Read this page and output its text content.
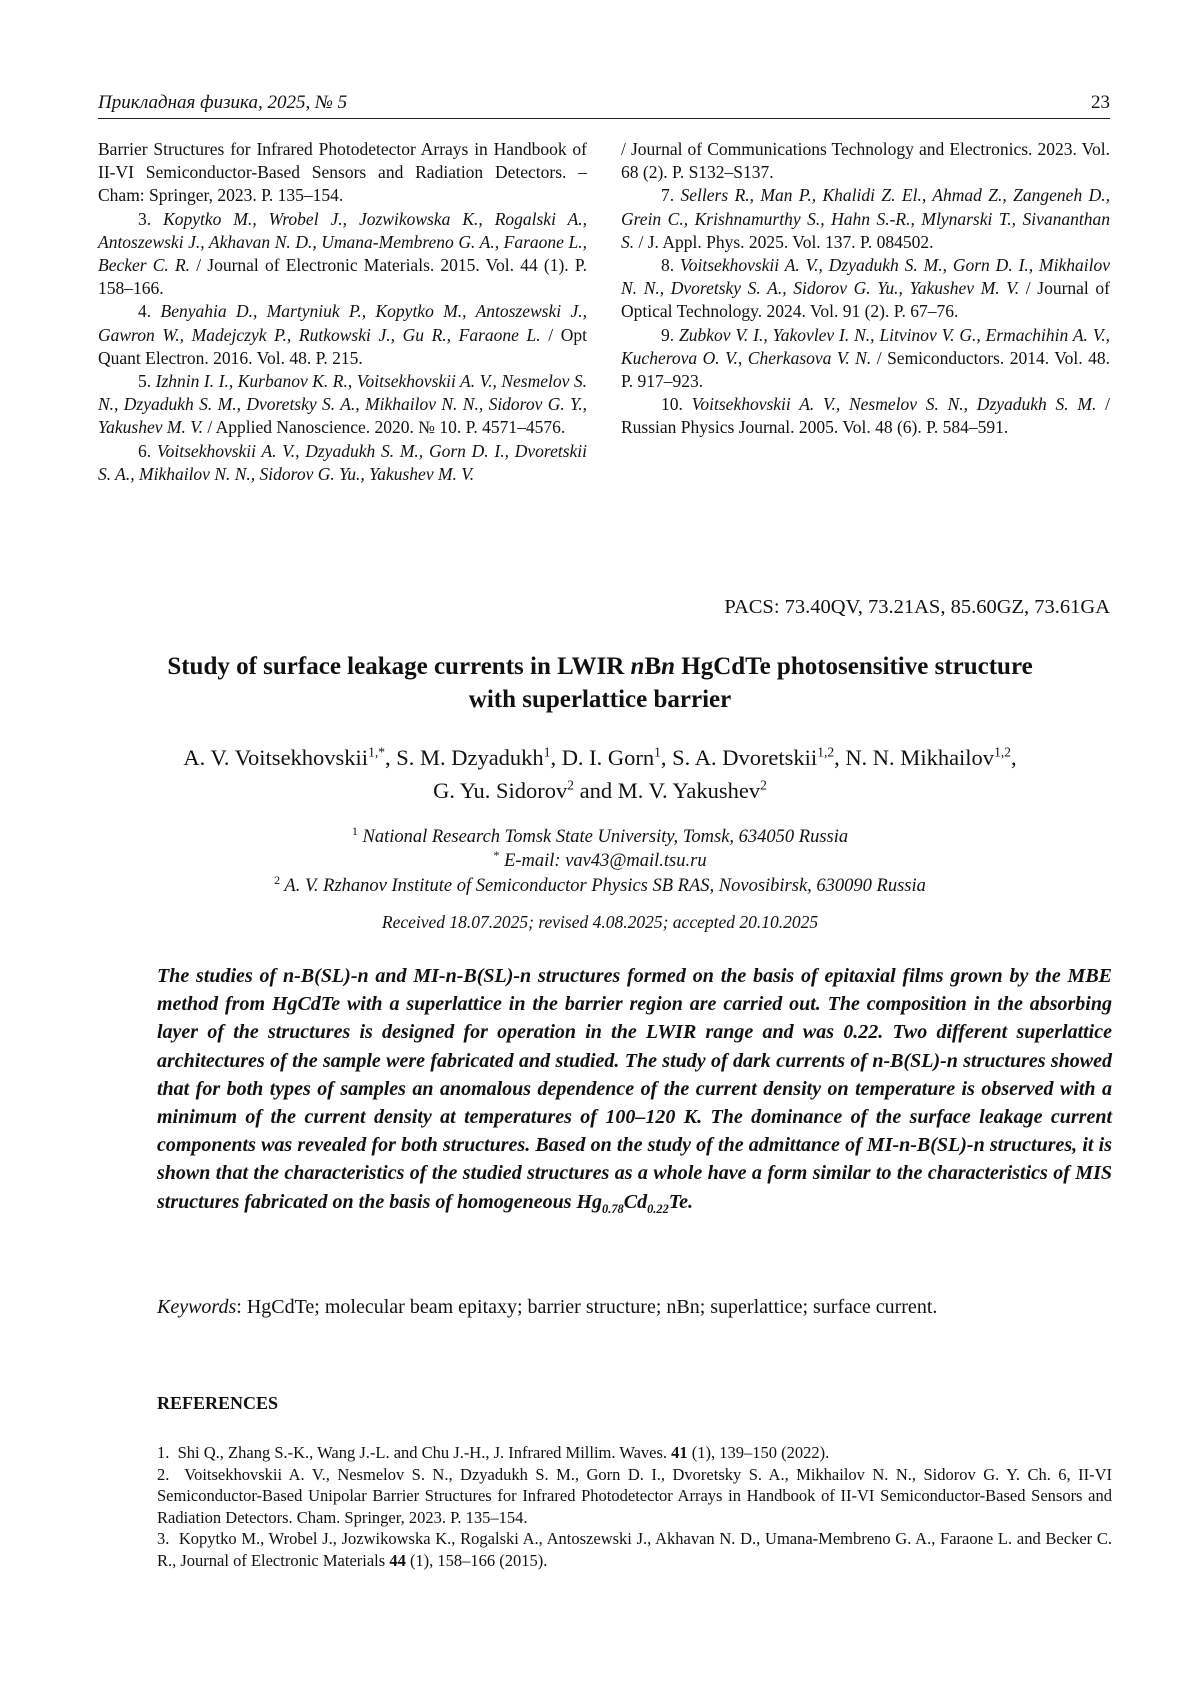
Прикладная физика, 2025, № 5	23

Barrier Structures for Infrared Photodetector Arrays in Handbook of II-VI Semiconductor-Based Sensors and Radiation Detectors. – Cham: Springer, 2023. P. 135–154.

3. Kopytko M., Wrobel J., Jozwikowska K., Rogalski A., Antoszewski J., Akhavan N. D., Umana-Membreno G. A., Faraone L., Becker C. R. / Journal of Electronic Materials. 2015. Vol. 44 (1). P. 158–166.

4. Benyahia D., Martyniuk P., Kopytko M., Antoszewski J., Gawron W., Madejczyk P., Rutkowski J., Gu R., Faraone L. / Opt Quant Electron. 2016. Vol. 48. P. 215.

5. Izhnin I. I., Kurbanov K. R., Voitsekhovskii A. V., Nesmelov S. N., Dzyadukh S. M., Dvoretsky S. A., Mikhailov N. N., Sidorov G. Y., Yakushev M. V. / Applied Nanoscience. 2020. № 10. P. 4571–4576.

6. Voitsekhovskii A. V., Dzyadukh S. M., Gorn D. I., Dvoretskii S. A., Mikhailov N. N., Sidorov G. Yu., Yakushev M. V.

/ Journal of Communications Technology and Electronics. 2023. Vol. 68 (2). P. S132–S137.

7. Sellers R., Man P., Khalidi Z. El., Ahmad Z., Zangeneh D., Grein C., Krishnamurthy S., Hahn S.-R., Mlynarski T., Sivananthan S. / J. Appl. Phys. 2025. Vol. 137. P. 084502.

8. Voitsekhovskii A. V., Dzyadukh S. M., Gorn D. I., Mikhailov N. N., Dvoretsky S. A., Sidorov G. Yu., Yakushev M. V. / Journal of Optical Technology. 2024. Vol. 91 (2). P. 67–76.

9. Zubkov V. I., Yakovlev I. N., Litvinov V. G., Ermachihin A. V., Kucherova O. V., Cherkasova V. N. / Semiconductors. 2014. Vol. 48. P. 917–923.

10. Voitsekhovskii A. V., Nesmelov S. N., Dzyadukh S. M. / Russian Physics Journal. 2005. Vol. 48 (6). P. 584–591.

PACS: 73.40QV, 73.21AS, 85.60GZ, 73.61GA
Study of surface leakage currents in LWIR nBn HgCdTe photosensitive structure
with superlattice barrier
A. V. Voitsekhovskii1,*, S. M. Dzyadukh1, D. I. Gorn1, S. A. Dvoretskii1,2, N. N. Mikhailov1,2,
G. Yu. Sidorov2 and M. V. Yakushev2
1 National Research Tomsk State University, Tomsk, 634050 Russia
* E-mail: vav43@mail.tsu.ru
2 A. V. Rzhanov Institute of Semiconductor Physics SB RAS, Novosibirsk, 630090 Russia
Received 18.07.2025; revised 4.08.2025; accepted 20.10.2025
The studies of n-B(SL)-n and MI-n-B(SL)-n structures formed on the basis of epitaxial films grown by the MBE method from HgCdTe with a superlattice in the barrier region are carried out. The composition in the absorbing layer of the structures is designed for operation in the LWIR range and was 0.22. Two different superlattice architectures of the sample were fabricated and studied. The study of dark currents of n-B(SL)-n structures showed that for both types of samples an anomalous dependence of the current density on temperature is observed with a minimum of the current density at temperatures of 100–120 K. The dominance of the surface leakage current components was revealed for both structures. Based on the study of the admittance of MI-n-B(SL)-n structures, it is shown that the characteristics of the studied structures as a whole have a form similar to the characteristics of MIS structures fabricated on the basis of homogeneous Hg0.78Cd0.22Te.
Keywords: HgCdTe; molecular beam epitaxy; barrier structure; nBn; superlattice; surface current.
REFERENCES

1. Shi Q., Zhang S.-K., Wang J.-L. and Chu J.-H., J. Infrared Millim. Waves. 41 (1), 139–150 (2022).

2. Voitsekhovskii A. V., Nesmelov S. N., Dzyadukh S. M., Gorn D. I., Dvoretsky S. A., Mikhailov N. N., Sidorov G. Y. Ch. 6, II-VI Semiconductor-Based Unipolar Barrier Structures for Infrared Photodetector Arrays in Handbook of II-VI Semiconductor-Based Sensors and Radiation Detectors. Cham. Springer, 2023. P. 135–154.

3. Kopytko M., Wrobel J., Jozwikowska K., Rogalski A., Antoszewski J., Akhavan N. D., Umana-Membreno G. A., Faraone L. and Becker C. R., Journal of Electronic Materials 44 (1), 158–166 (2015).
